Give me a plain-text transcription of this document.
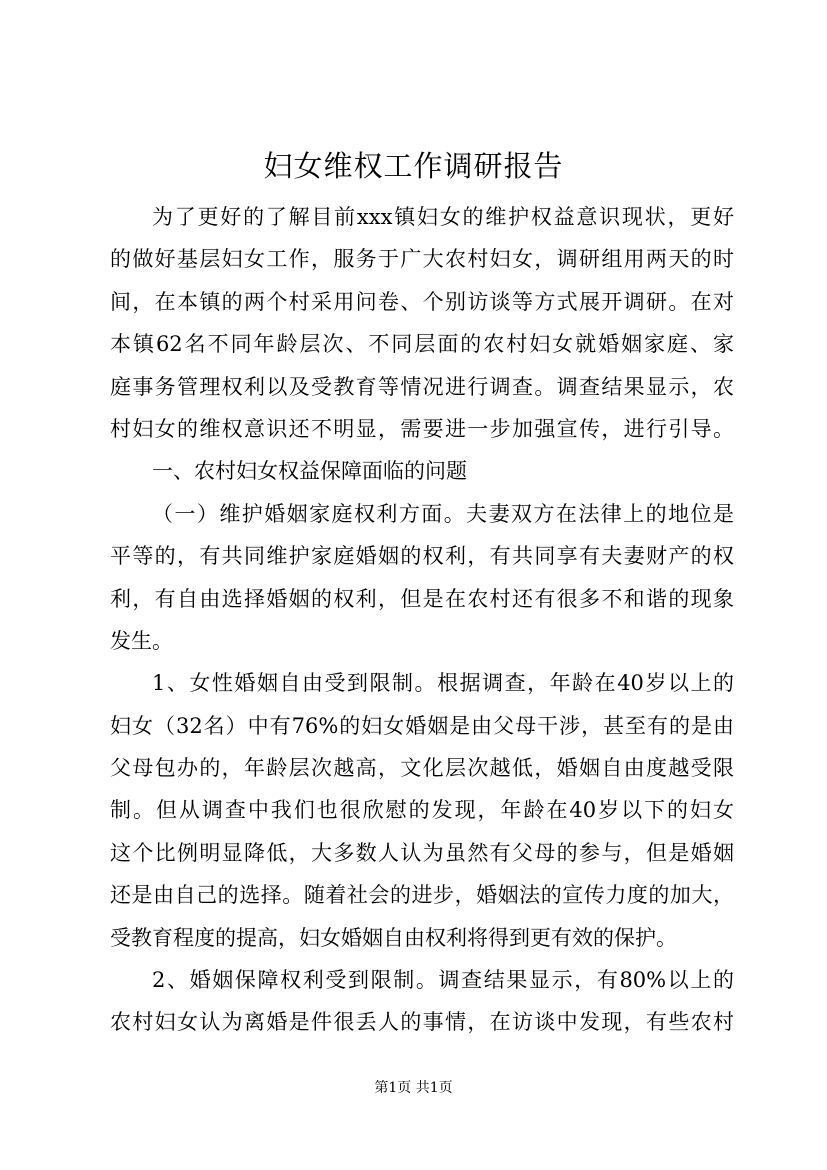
妇女维权工作调研报告
为了更好的了解目前xxx镇妇女的维护权益意识现状，更好
的做好基层妇女工作，服务于广大农村妇女，调研组用两天的时
间，在本镇的两个村采用问卷、个别访谈等方式展开调研。在对
本镇62名不同年龄层次、不同层面的农村妇女就婚姻家庭、家
庭事务管理权利以及受教育等情况进行调查。调查结果显示，农
村妇女的维权意识还不明显，需要进一步加强宣传，进行引导。
一、农村妇女权益保障面临的问题
（一）维护婚姻家庭权利方面。夫妻双方在法律上的地位是
平等的，有共同维护家庭婚姻的权利，有共同享有夫妻财产的权
利，有自由选择婚姻的权利，但是在农村还有很多不和谐的现象
发生。
1、女性婚姻自由受到限制。根据调查，年龄在40岁以上的
妇女（32名）中有76%的妇女婚姻是由父母干涉，甚至有的是由
父母包办的，年龄层次越高，文化层次越低，婚姻自由度越受限
制。但从调查中我们也很欣慰的发现，年龄在40岁以下的妇女
这个比例明显降低，大多数人认为虽然有父母的参与，但是婚姻
还是由自己的选择。随着社会的进步，婚姻法的宣传力度的加大，
受教育程度的提高，妇女婚姻自由权利将得到更有效的保护。
2、婚姻保障权利受到限制。调查结果显示，有80%以上的
农村妇女认为离婚是件很丢人的事情，在访谈中发现，有些农村
第1页 共1页
